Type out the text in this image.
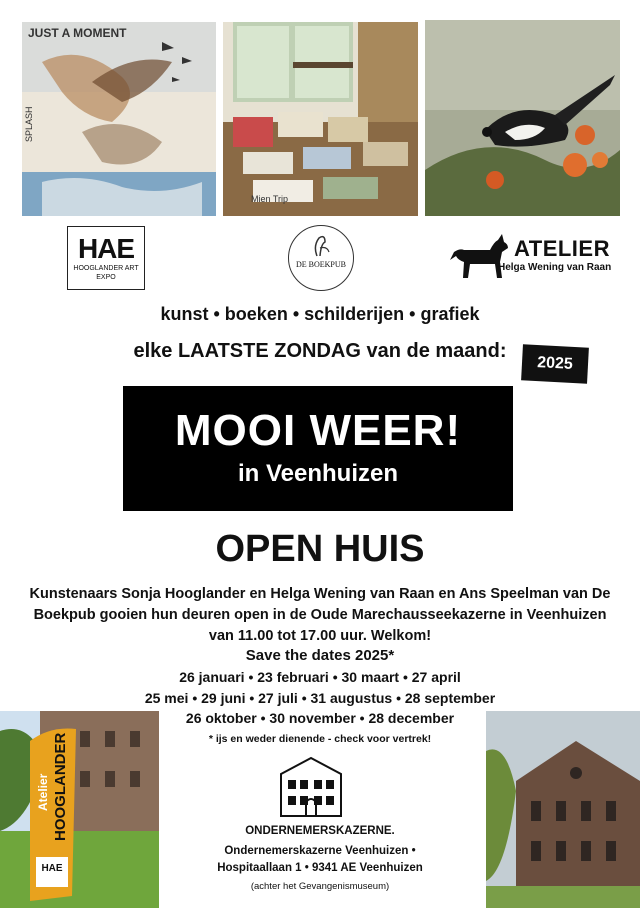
JUST A MOMENT
SPLASH
Mien Trip
HAE
HOOGLANDER ART EXPO
DE BOEKPUB
ATELIER
Helga Wening van Raan
kunst • boeken • schilderijen • grafiek
elke LAATSTE ZONDAG van de maand:
2025
MOOI WEER!
in Veenhuizen
OPEN HUIS
Kunstenaars Sonja Hooglander en Helga Wening van Raan en Ans Speelman van De Boekpub gooien hun deuren open in de Oude Marechausseekazerne in Veenhuizen van 11.00 tot 17.00 uur. Welkom!
Save the dates 2025*
26 januari • 23 februari • 30 maart • 27 april
25 mei • 29 juni • 27 juli • 31 augustus • 28 september
26 oktober • 30 november • 28 december
* ijs en weder dienende - check voor vertrek!
Atelier HOOGLANDER
HAE
ONDERNEMERSKAZERNE.
Ondernemerskazerne Veenhuizen •
Hospitaallaan 1 • 9341 AE Veenhuizen
(achter het Gevangenismuseum)
